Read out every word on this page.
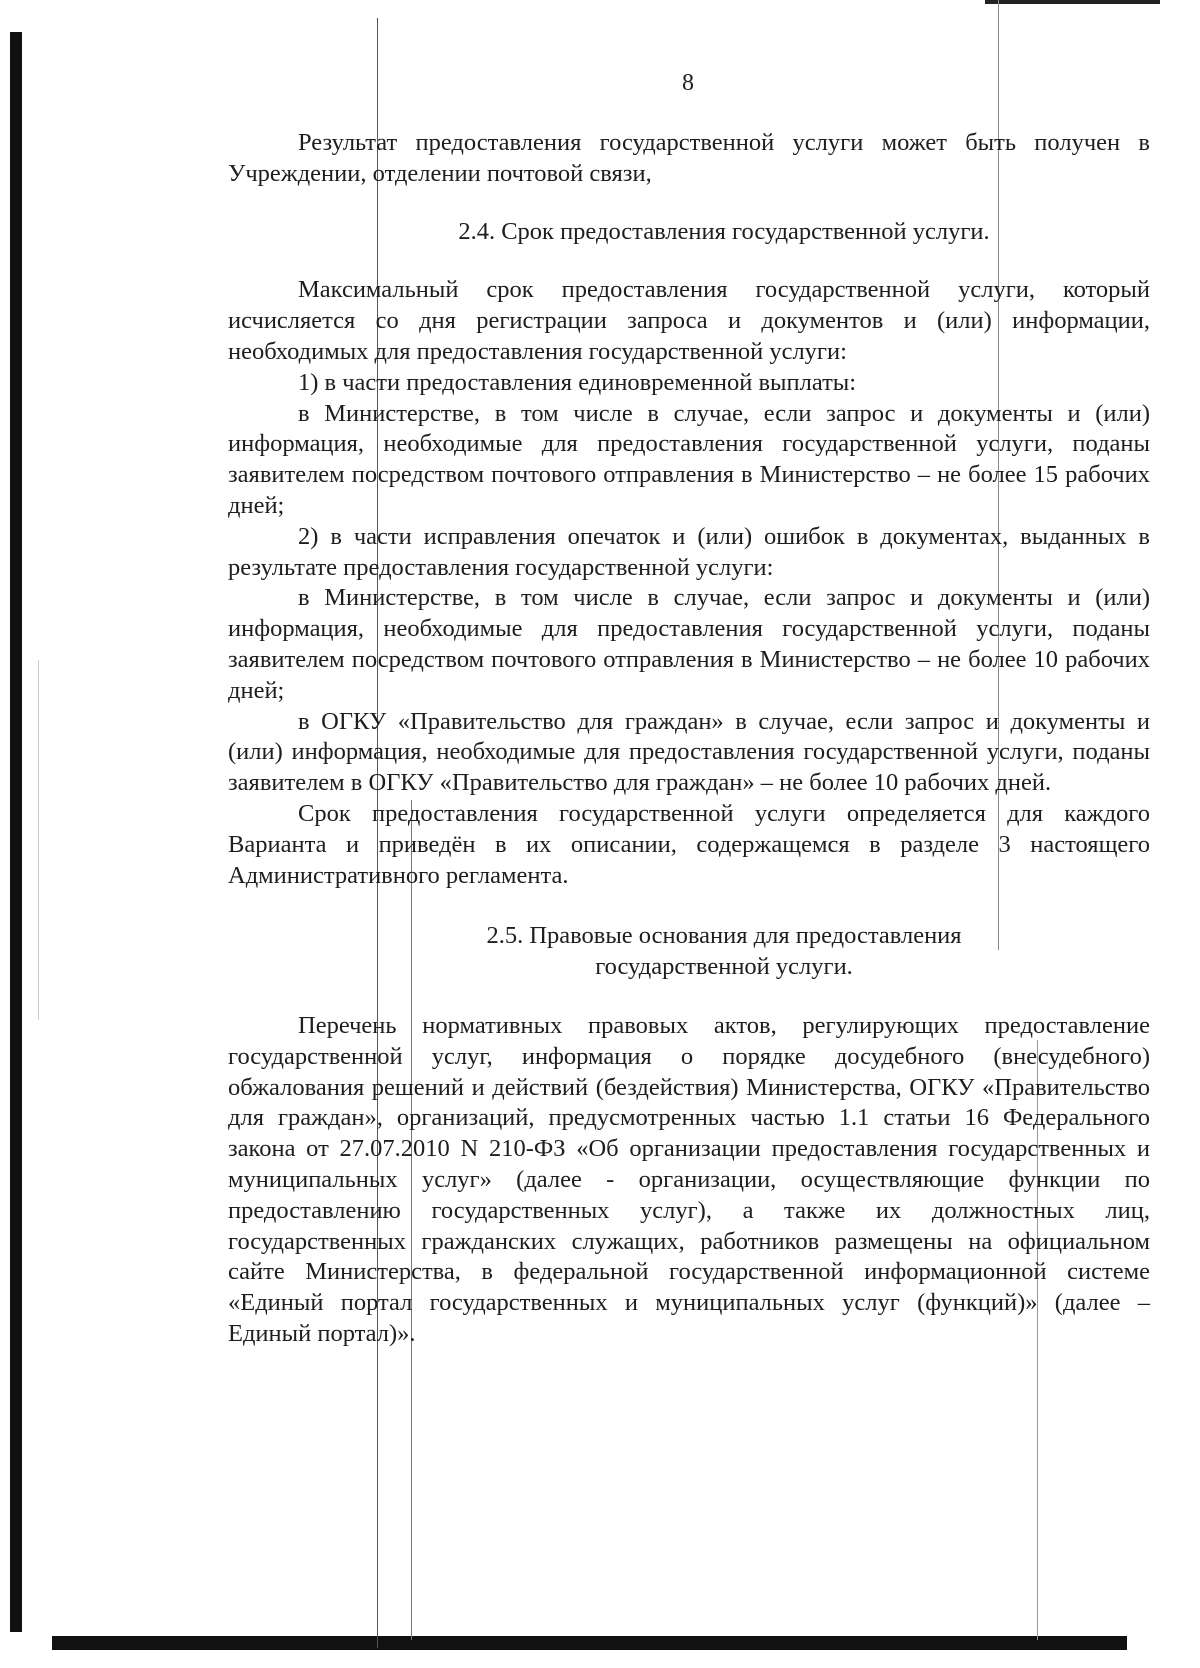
8

Результат предоставления государственной услуги может быть получен в Учреждении, отделении почтовой связи,

2.4. Срок предоставления государственной услуги.

Максимальный срок предоставления государственной услуги, который исчисляется со дня регистрации запроса и документов и (или) информации, необходимых для предоставления государственной услуги:

1) в части предоставления единовременной выплаты:

в Министерстве, в том числе в случае, если запрос и документы и (или) информация, необходимые для предоставления государственной услуги, поданы заявителем посредством почтового отправления в Министерство – не более 15 рабочих дней;

2) в части исправления опечаток и (или) ошибок в документах, выданных в результате предоставления государственной услуги:

в Министерстве, в том числе в случае, если запрос и документы и (или) информация, необходимые для предоставления государственной услуги, поданы заявителем посредством почтового отправления в Министерство – не более 10 рабочих дней;

в ОГКУ «Правительство для граждан» в случае, если запрос и документы и (или) информация, необходимые для предоставления государственной услуги, поданы заявителем в ОГКУ «Правительство для граждан» – не более 10 рабочих дней.

Срок предоставления государственной услуги определяется для каждого Варианта и приведён в их описании, содержащемся в разделе 3 настоящего Административного регламента.

2.5. Правовые основания для предоставления

государственной услуги.

Перечень нормативных правовых актов, регулирующих предоставление государственной услуг, информация о порядке досудебного (внесудебного) обжалования решений и действий (бездействия) Министерства, ОГКУ «Правительство для граждан», организаций, предусмотренных частью 1.1 статьи 16 Федерального закона от 27.07.2010 N 210-ФЗ «Об организации предоставления государственных и муниципальных услуг» (далее - организации, осуществляющие функции по предоставлению государственных услуг), а также их должностных лиц, государственных гражданских служащих, работников размещены на официальном сайте Министерства, в федеральной государственной информационной системе «Единый портал государственных и муниципальных услуг (функций)» (далее – Единый портал)».
